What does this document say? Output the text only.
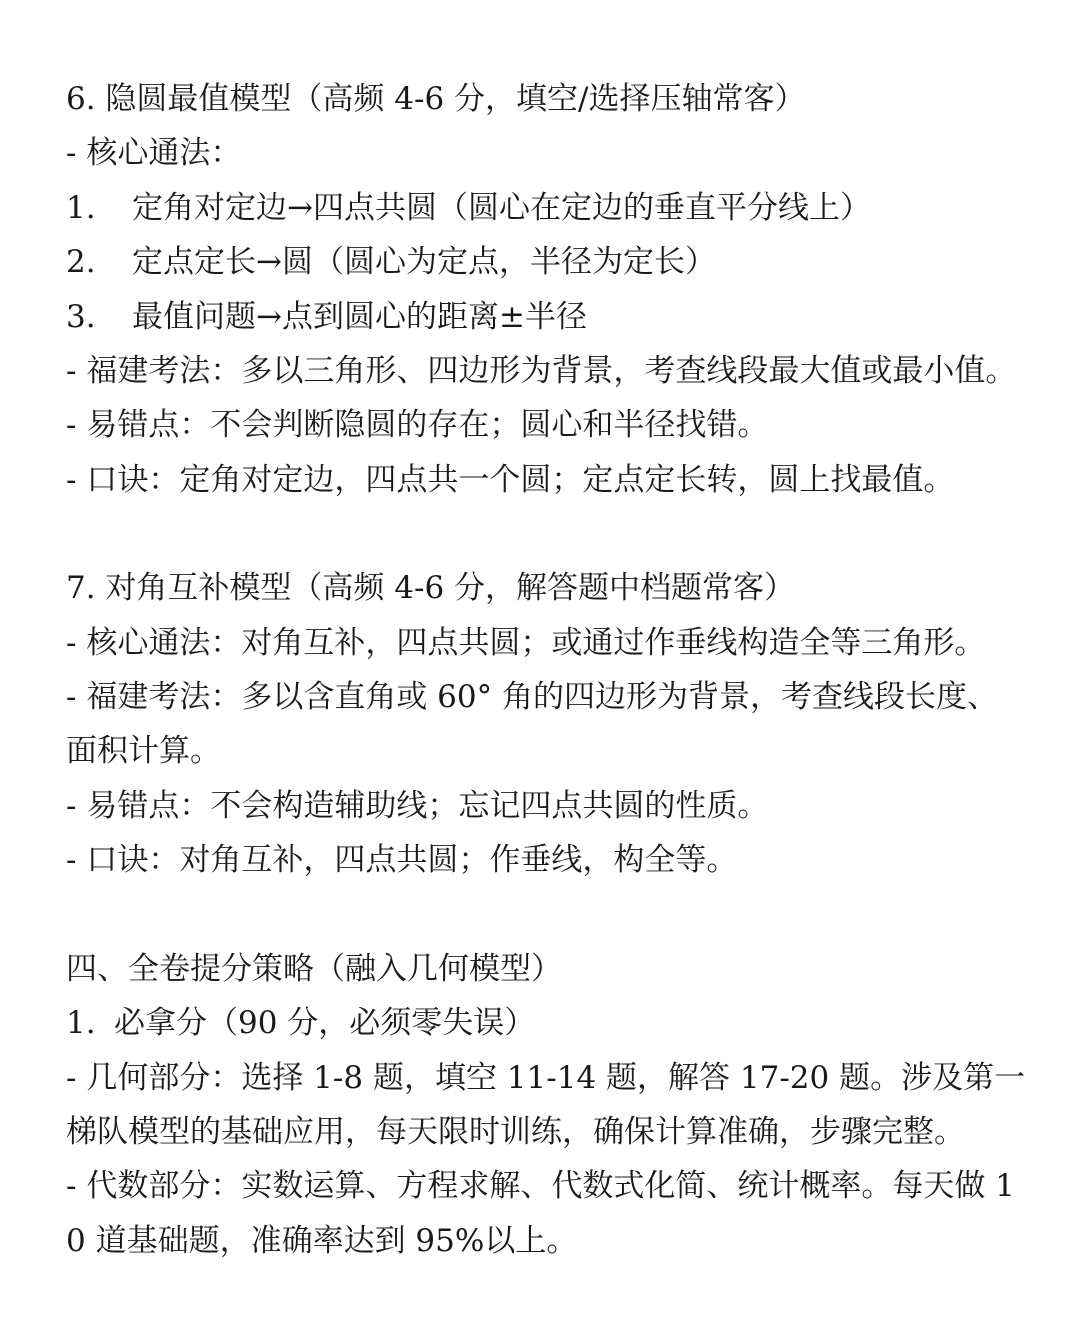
6. 隐圆最值模型（高频 4-6 分，填空/选择压轴常客）

- 核心通法：

1. 定角对定边→四点共圆（圆心在定边的垂直平分线上）

2. 定点定长→圆（圆心为定点，半径为定长）

3. 最值问题→点到圆心的距离±半径

- 福建考法：多以三角形、四边形为背景，考查线段最大值或最小值。

- 易错点：不会判断隐圆的存在；圆心和半径找错。

- 口诀：定角对定边，四点共一个圆；定点定长转，圆上找最值。

7. 对角互补模型（高频 4-6 分，解答题中档题常客）

- 核心通法：对角互补，四点共圆；或通过作垂线构造全等三角形。

- 福建考法：多以含直角或 60° 角的四边形为背景，考查线段长度、面积计算。

- 易错点：不会构造辅助线；忘记四点共圆的性质。

- 口诀：对角互补，四点共圆；作垂线，构全等。

四、全卷提分策略（融入几何模型）

1. 必拿分（90 分，必须零失误）

- 几何部分：选择 1-8 题，填空 11-14 题，解答 17-20 题。涉及第一梯队模型的基础应用，每天限时训练，确保计算准确，步骤完整。

- 代数部分：实数运算、方程求解、代数式化简、统计概率。每天做 10 道基础题，准确率达到 95%以上。
